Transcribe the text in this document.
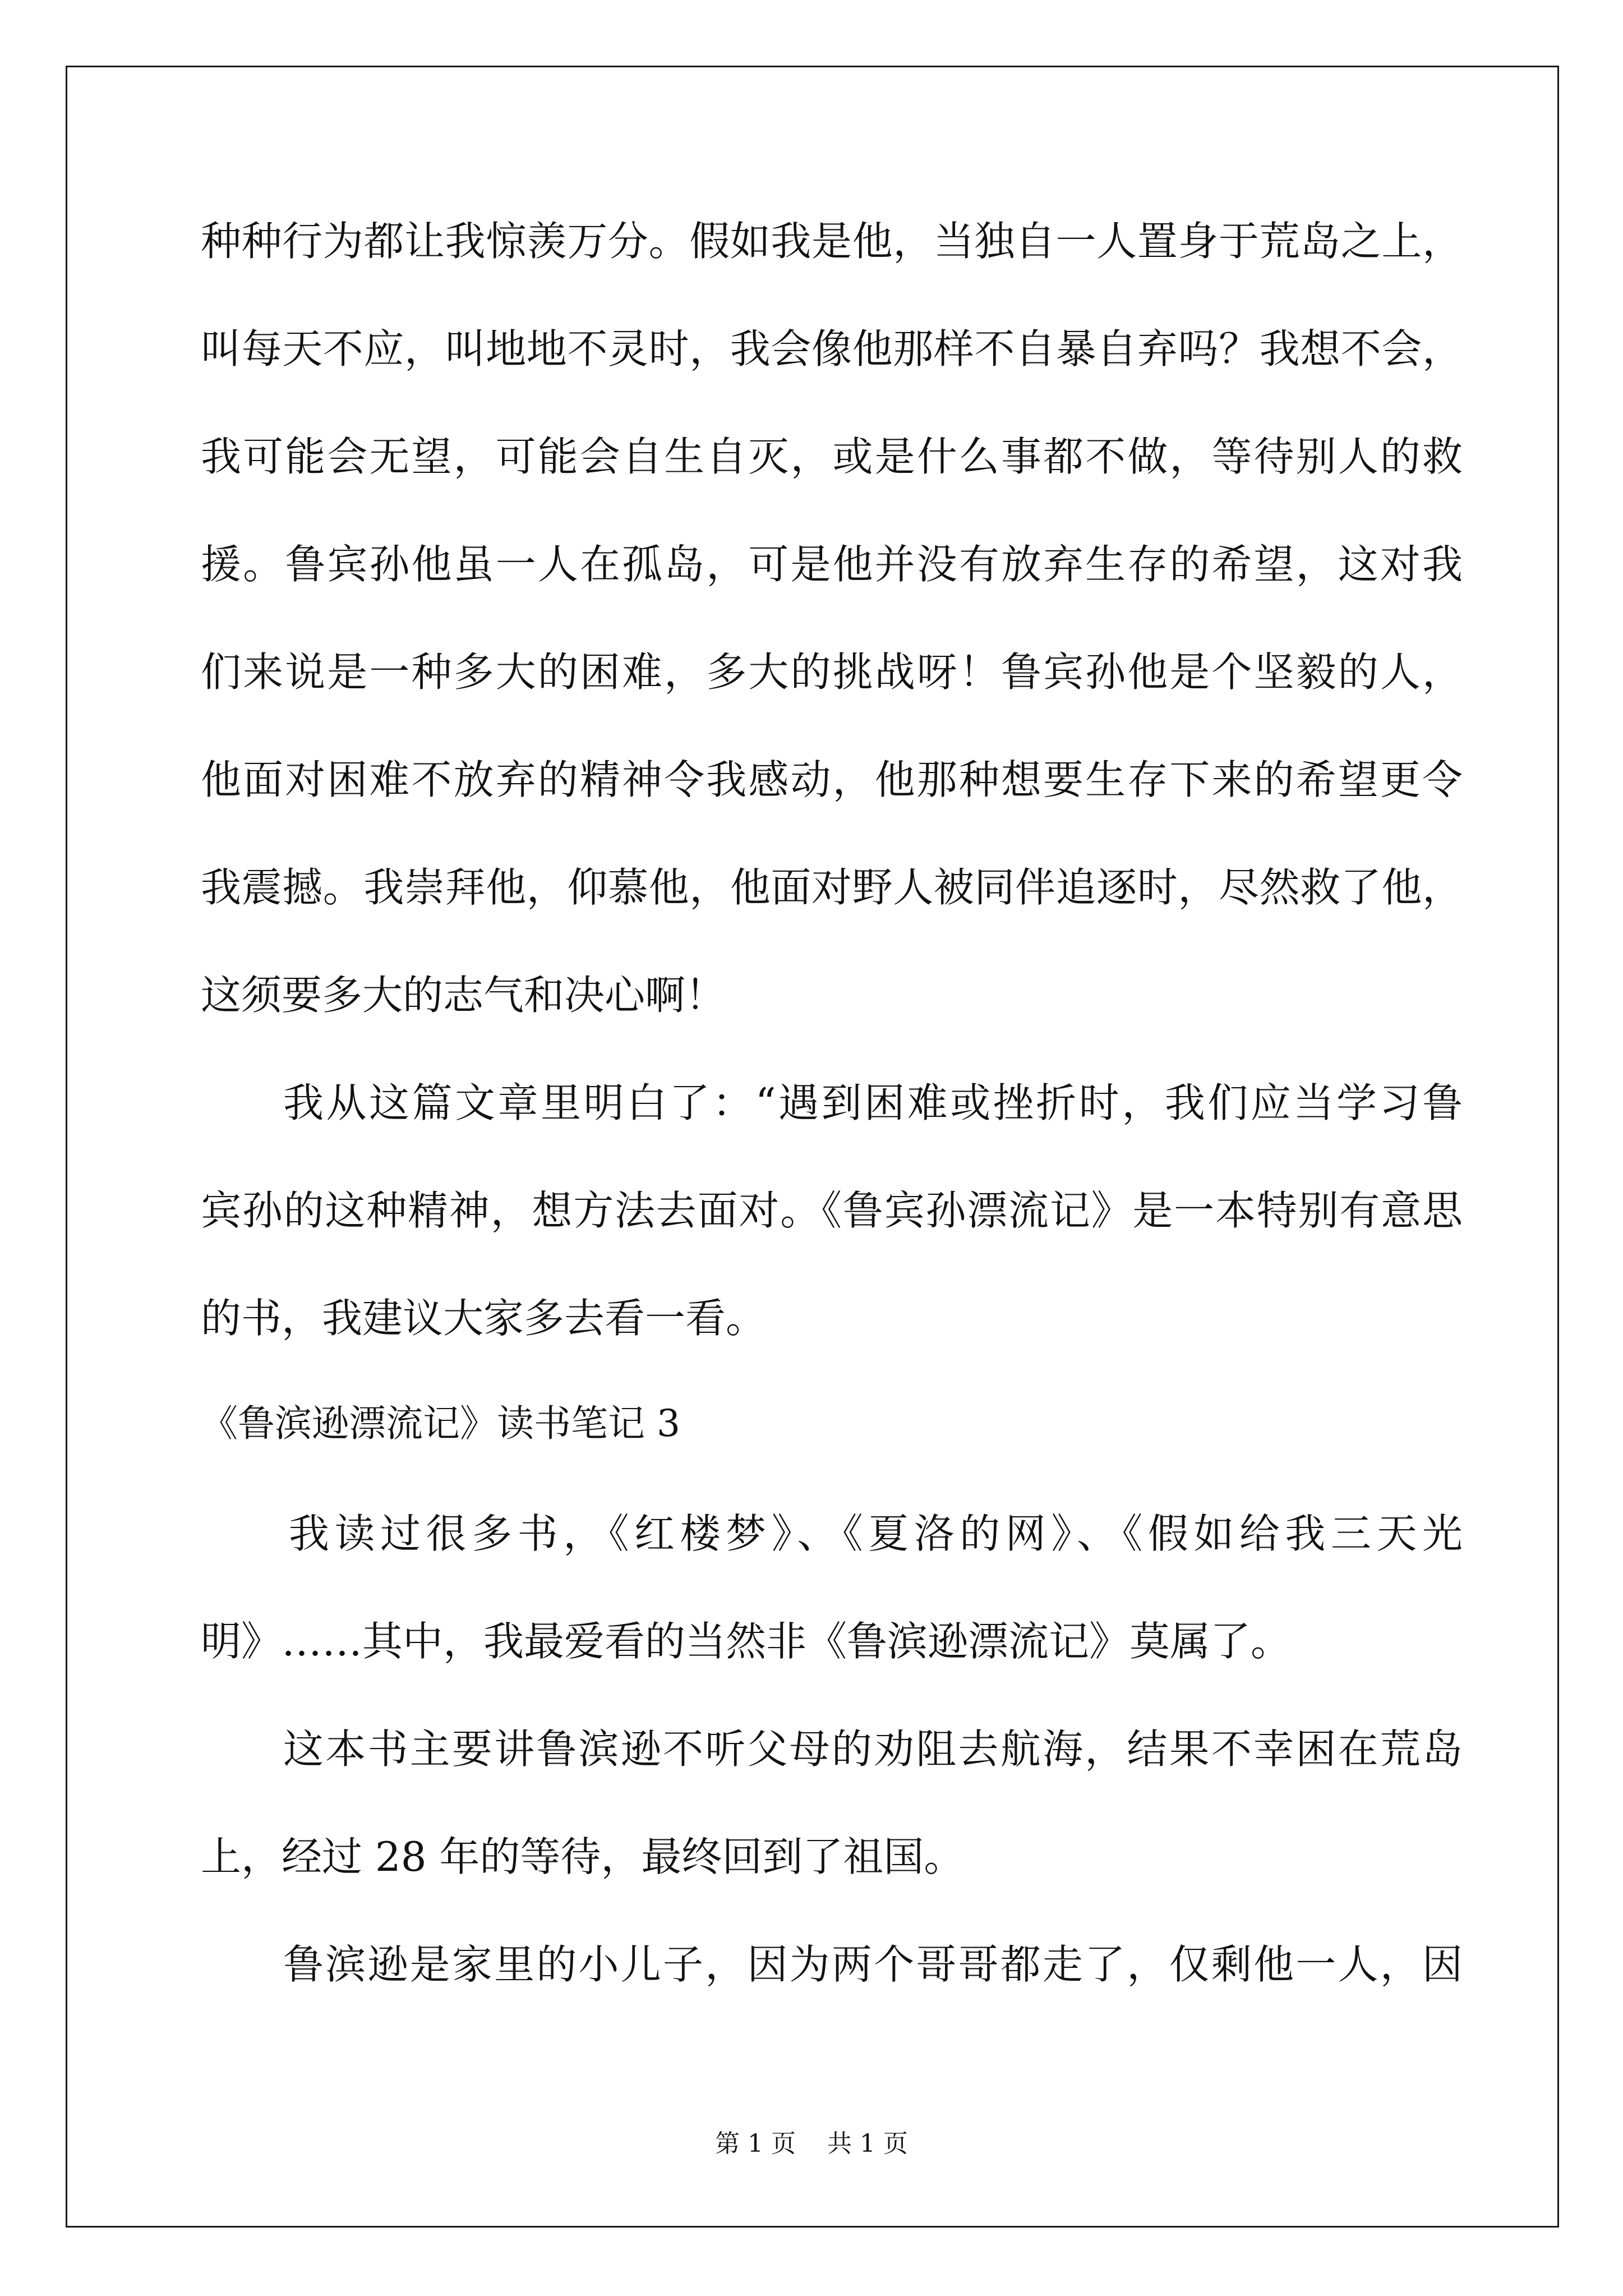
种种行为都让我惊羡万分。假如我是他，当独自一人置身于荒岛之上，

叫每天不应，叫地地不灵时，我会像他那样不自暴自弃吗？我想不会，

我可能会无望，可能会自生自灭，或是什么事都不做，等待别人的救

援。鲁宾孙他虽一人在孤岛，可是他并没有放弃生存的希望，这对我

们来说是一种多大的困难，多大的挑战呀！鲁宾孙他是个坚毅的人，

他面对困难不放弃的精神令我感动，他那种想要生存下来的希望更令

我震撼。我崇拜他，仰慕他，他面对野人被同伴追逐时，尽然救了他，

这须要多大的志气和决心啊！

我从这篇文章里明白了：“遇到困难或挫折时，我们应当学习鲁

宾孙的这种精神，想方法去面对。《鲁宾孙漂流记》是一本特别有意思

的书，我建议大家多去看一看。

《鲁滨逊漂流记》读书笔记 3

我读过很多书，《红楼梦》、《夏洛的网》、《假如给我三天光

明》……其中，我最爱看的当然非《鲁滨逊漂流记》莫属了。

这本书主要讲鲁滨逊不听父母的劝阻去航海，结果不幸困在荒岛

上，经过 28 年的等待，最终回到了祖国。

鲁滨逊是家里的小儿子，因为两个哥哥都走了，仅剩他一人，因

第 1 页 共 1 页
